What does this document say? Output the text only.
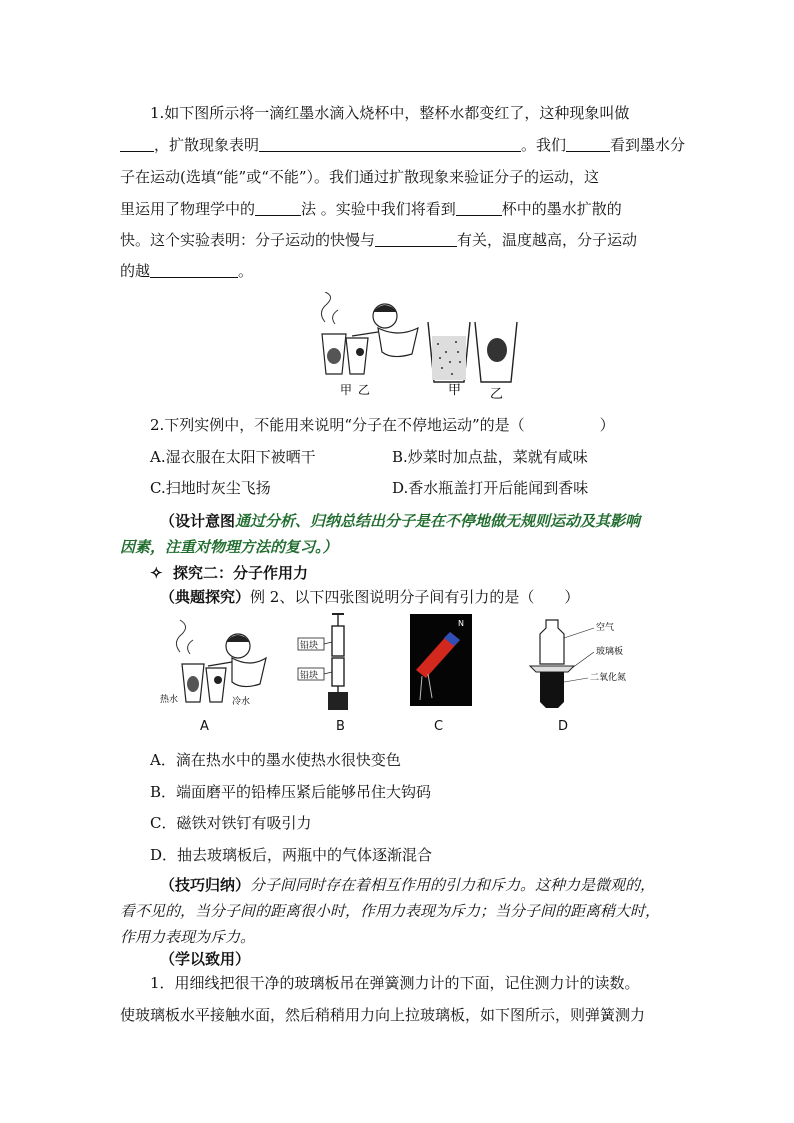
1.如下图所示将一滴红墨水滴入烧杯中，整杯水都变红了，这种现象叫做
，扩散现象表明	。我们	看到墨水分
子在运动(选填“能”或“不能”）。我们通过扩散现象来验证分子的运动，这
里运用了物理学中的	法 。实验中我们将看到	杯中的墨水扩散的
快。这个实验表明：分子运动的快慢与	有关，温度越高，分子运动
的越	。
甲 乙	甲 乙
2.下列实例中，不能用来说明“分子在不停地运动”的是（　　　　　）
A.湿衣服在太阳下被晒干	B.炒菜时加点盐，菜就有咸味
C.扫地时灰尘飞扬	D.香水瓶盖打开后能闻到香味
（设计意图通过分析、归纳总结出分子是在不停地做无规则运动及其影响
因素，注重对物理方法的复习。）
✧ 探究二：分子作用力
（典题探究）例 2、以下四张图说明分子间有引力的是（　　）
热水	冷水
A
铅块
铅块
B
N
C
空气
玻璃板
二氧化氮
D
A．滴在热水中的墨水使热水很快变色
B．端面磨平的铅棒压紧后能够吊住大钩码
C．磁铁对铁钉有吸引力
D．抽去玻璃板后，两瓶中的气体逐渐混合
（技巧归纳）分子间同时存在着相互作用的引力和斥力。这种力是微观的，
看不见的，当分子间的距离很小时，作用力表现为斥力；当分子间的距离稍大时，
作用力表现为斥力。
（学以致用）
1．用细线把很干净的玻璃板吊在弹簧测力计的下面，记住测力计的读数。
使玻璃板水平接触水面，然后稍稍用力向上拉玻璃板，如下图所示，则弹簧测力
